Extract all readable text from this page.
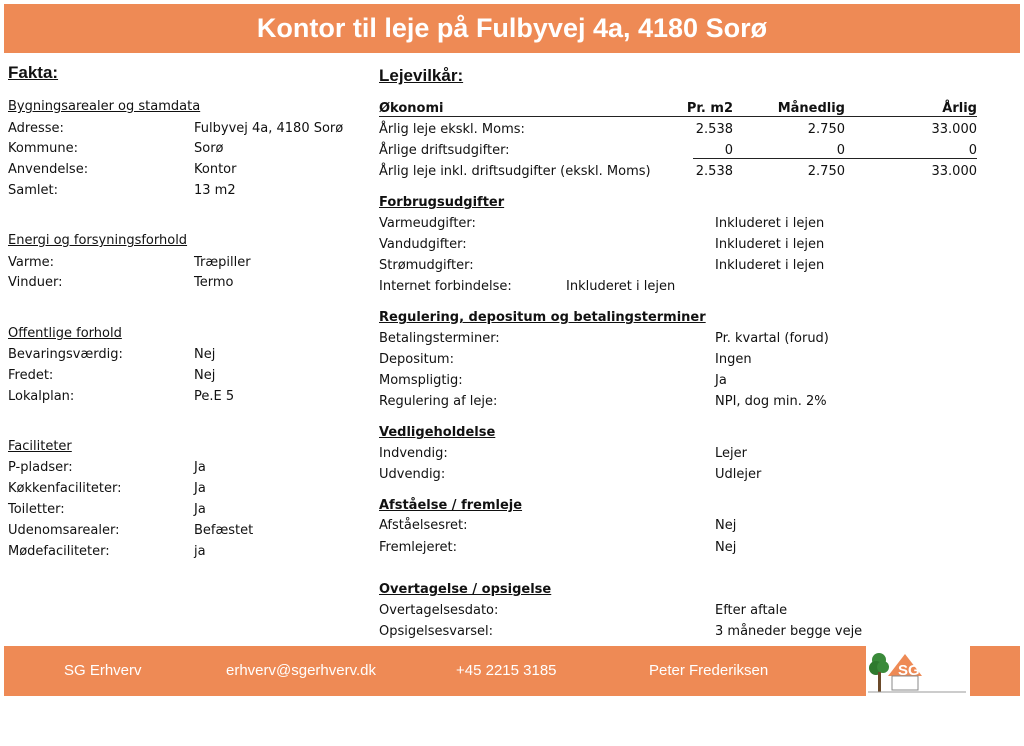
Kontor til leje på Fulbyvej 4a, 4180 Sorø
Fakta:
Bygningsarealer og stamdata
Adresse:	Fulbyvej 4a, 4180 Sorø
Kommune:	Sorø
Anvendelse:	Kontor
Samlet:	13 m2
Energi og forsyningsforhold
Varme:	Træpiller
Vinduer:	Termo
Offentlige forhold
Bevaringsværdig:	Nej
Fredet:	Nej
Lokalplan:	Pe.E 5
Faciliteter
P-pladser:	Ja
Køkkenfaciliteter:	Ja
Toiletter:	Ja
Udenomsarealer:	Befæstet
Mødefaciliteter:	ja
Lejevilkår:
Økonomi	Pr. m2	Månedlig	Årlig
Årlig leje ekskl. Moms:	2.538	2.750	33.000
Årlige driftsudgifter:	0	0	0
Årlig leje inkl. driftsudgifter (ekskl. Moms)	2.538	2.750	33.000
Forbrugsudgifter
Varmeudgifter:	Inkluderet i lejen
Vandudgifter:	Inkluderet i lejen
Strømudgifter:	Inkluderet i lejen
Internet forbindelse:	Inkluderet i lejen
Regulering, depositum og betalingsterminer
Betalingsterminer:	Pr. kvartal (forud)
Depositum:	Ingen
Momspligtig:	Ja
Regulering af leje:	NPI, dog min. 2%
Vedligeholdelse
Indvendig:	Lejer
Udvendig:	Udlejer
Afståelse / fremleje
Afståelsesret:	Nej
Fremlejeret:	Nej
Overtagelse / opsigelse
Overtagelsesdato:	Efter aftale
Opsigelsesvarsel:	3 måneder begge veje
SG Erhverv	erhverv@sgerhverv.dk	+45 2215 3185	Peter Frederiksen	SG Erhverv
